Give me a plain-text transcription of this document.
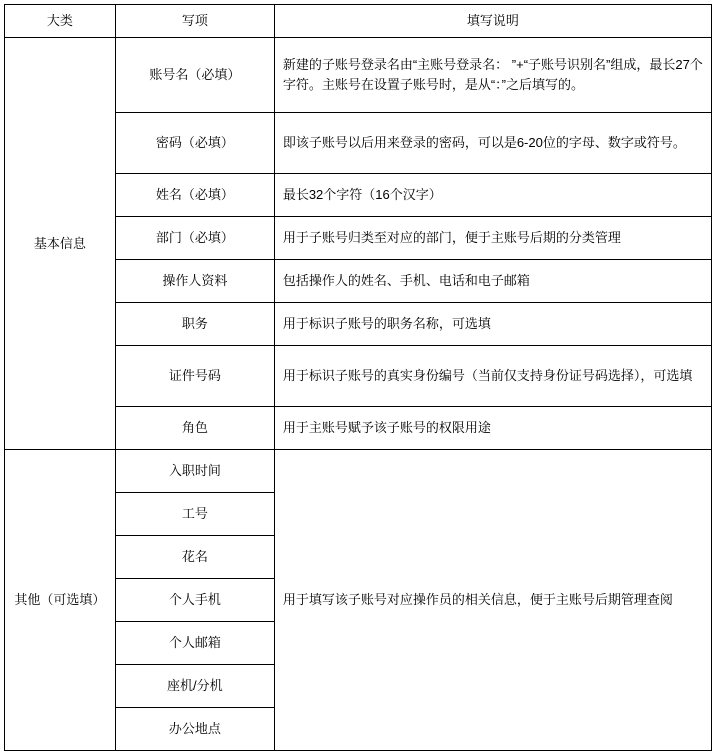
大类	写项	填写说明
基本信息	账号名（必填）	新建的子账号登录名由“主账号登录名： ”+“子账号识别名”组成，最长27个字符。主账号在设置子账号时，是从“：”之后填写的。
	密码（必填）	即该子账号以后用来登录的密码，可以是6-20位的字母、数字或符号。
	姓名（必填）	最长32个字符（16个汉字）
	部门（必填）	用于子账号归类至对应的部门，便于主账号后期的分类管理
	操作人资料	包括操作人的姓名、手机、电话和电子邮箱
	职务	用于标识子账号的职务名称，可选填
	证件号码	用于标识子账号的真实身份编号（当前仅支持身份证号码选择），可选填
	角色	用于主账号赋予该子账号的权限用途
其他（可选填）	入职时间	用于填写该子账号对应操作员的相关信息，便于主账号后期管理查阅
	工号	
	花名	
	个人手机	
	个人邮箱	
	座机/分机	
	办公地点	
